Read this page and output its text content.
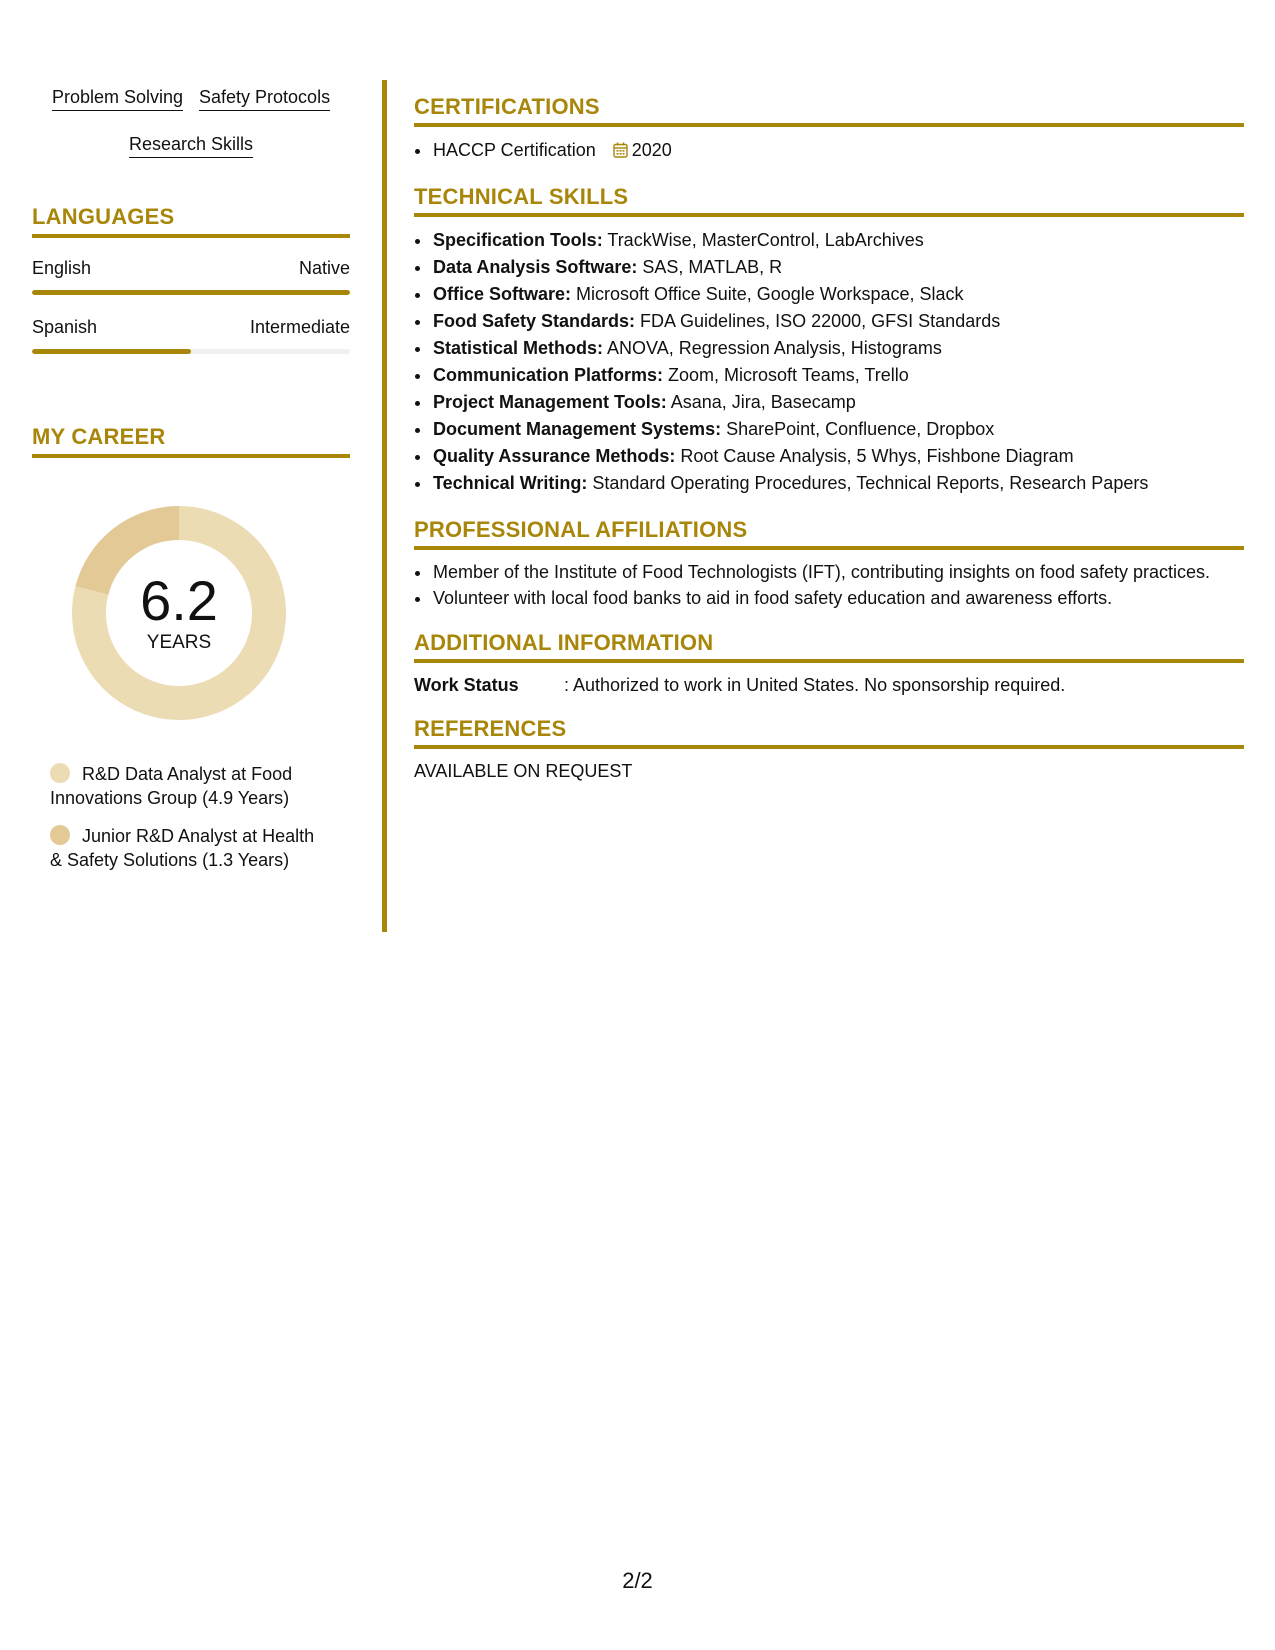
Problem Solving Safety Protocols
Research Skills
LANGUAGES
English	Native
Spanish	Intermediate
MY CAREER
6.2
YEARS
R&D Data Analyst at Food Innovations Group (4.9 Years)
Junior R&D Analyst at Health & Safety Solutions (1.3 Years)
CERTIFICATIONS
• HACCP Certification 2020
TECHNICAL SKILLS
• Specification Tools: TrackWise, MasterControl, LabArchives
• Data Analysis Software: SAS, MATLAB, R
• Office Software: Microsoft Office Suite, Google Workspace, Slack
• Food Safety Standards: FDA Guidelines, ISO 22000, GFSI Standards
• Statistical Methods: ANOVA, Regression Analysis, Histograms
• Communication Platforms: Zoom, Microsoft Teams, Trello
• Project Management Tools: Asana, Jira, Basecamp
• Document Management Systems: SharePoint, Confluence, Dropbox
• Quality Assurance Methods: Root Cause Analysis, 5 Whys, Fishbone Diagram
• Technical Writing: Standard Operating Procedures, Technical Reports, Research Papers
PROFESSIONAL AFFILIATIONS
• Member of the Institute of Food Technologists (IFT), contributing insights on food safety practices.
• Volunteer with local food banks to aid in food safety education and awareness efforts.
ADDITIONAL INFORMATION
Work Status	: Authorized to work in United States. No sponsorship required.
REFERENCES
AVAILABLE ON REQUEST
2/2
